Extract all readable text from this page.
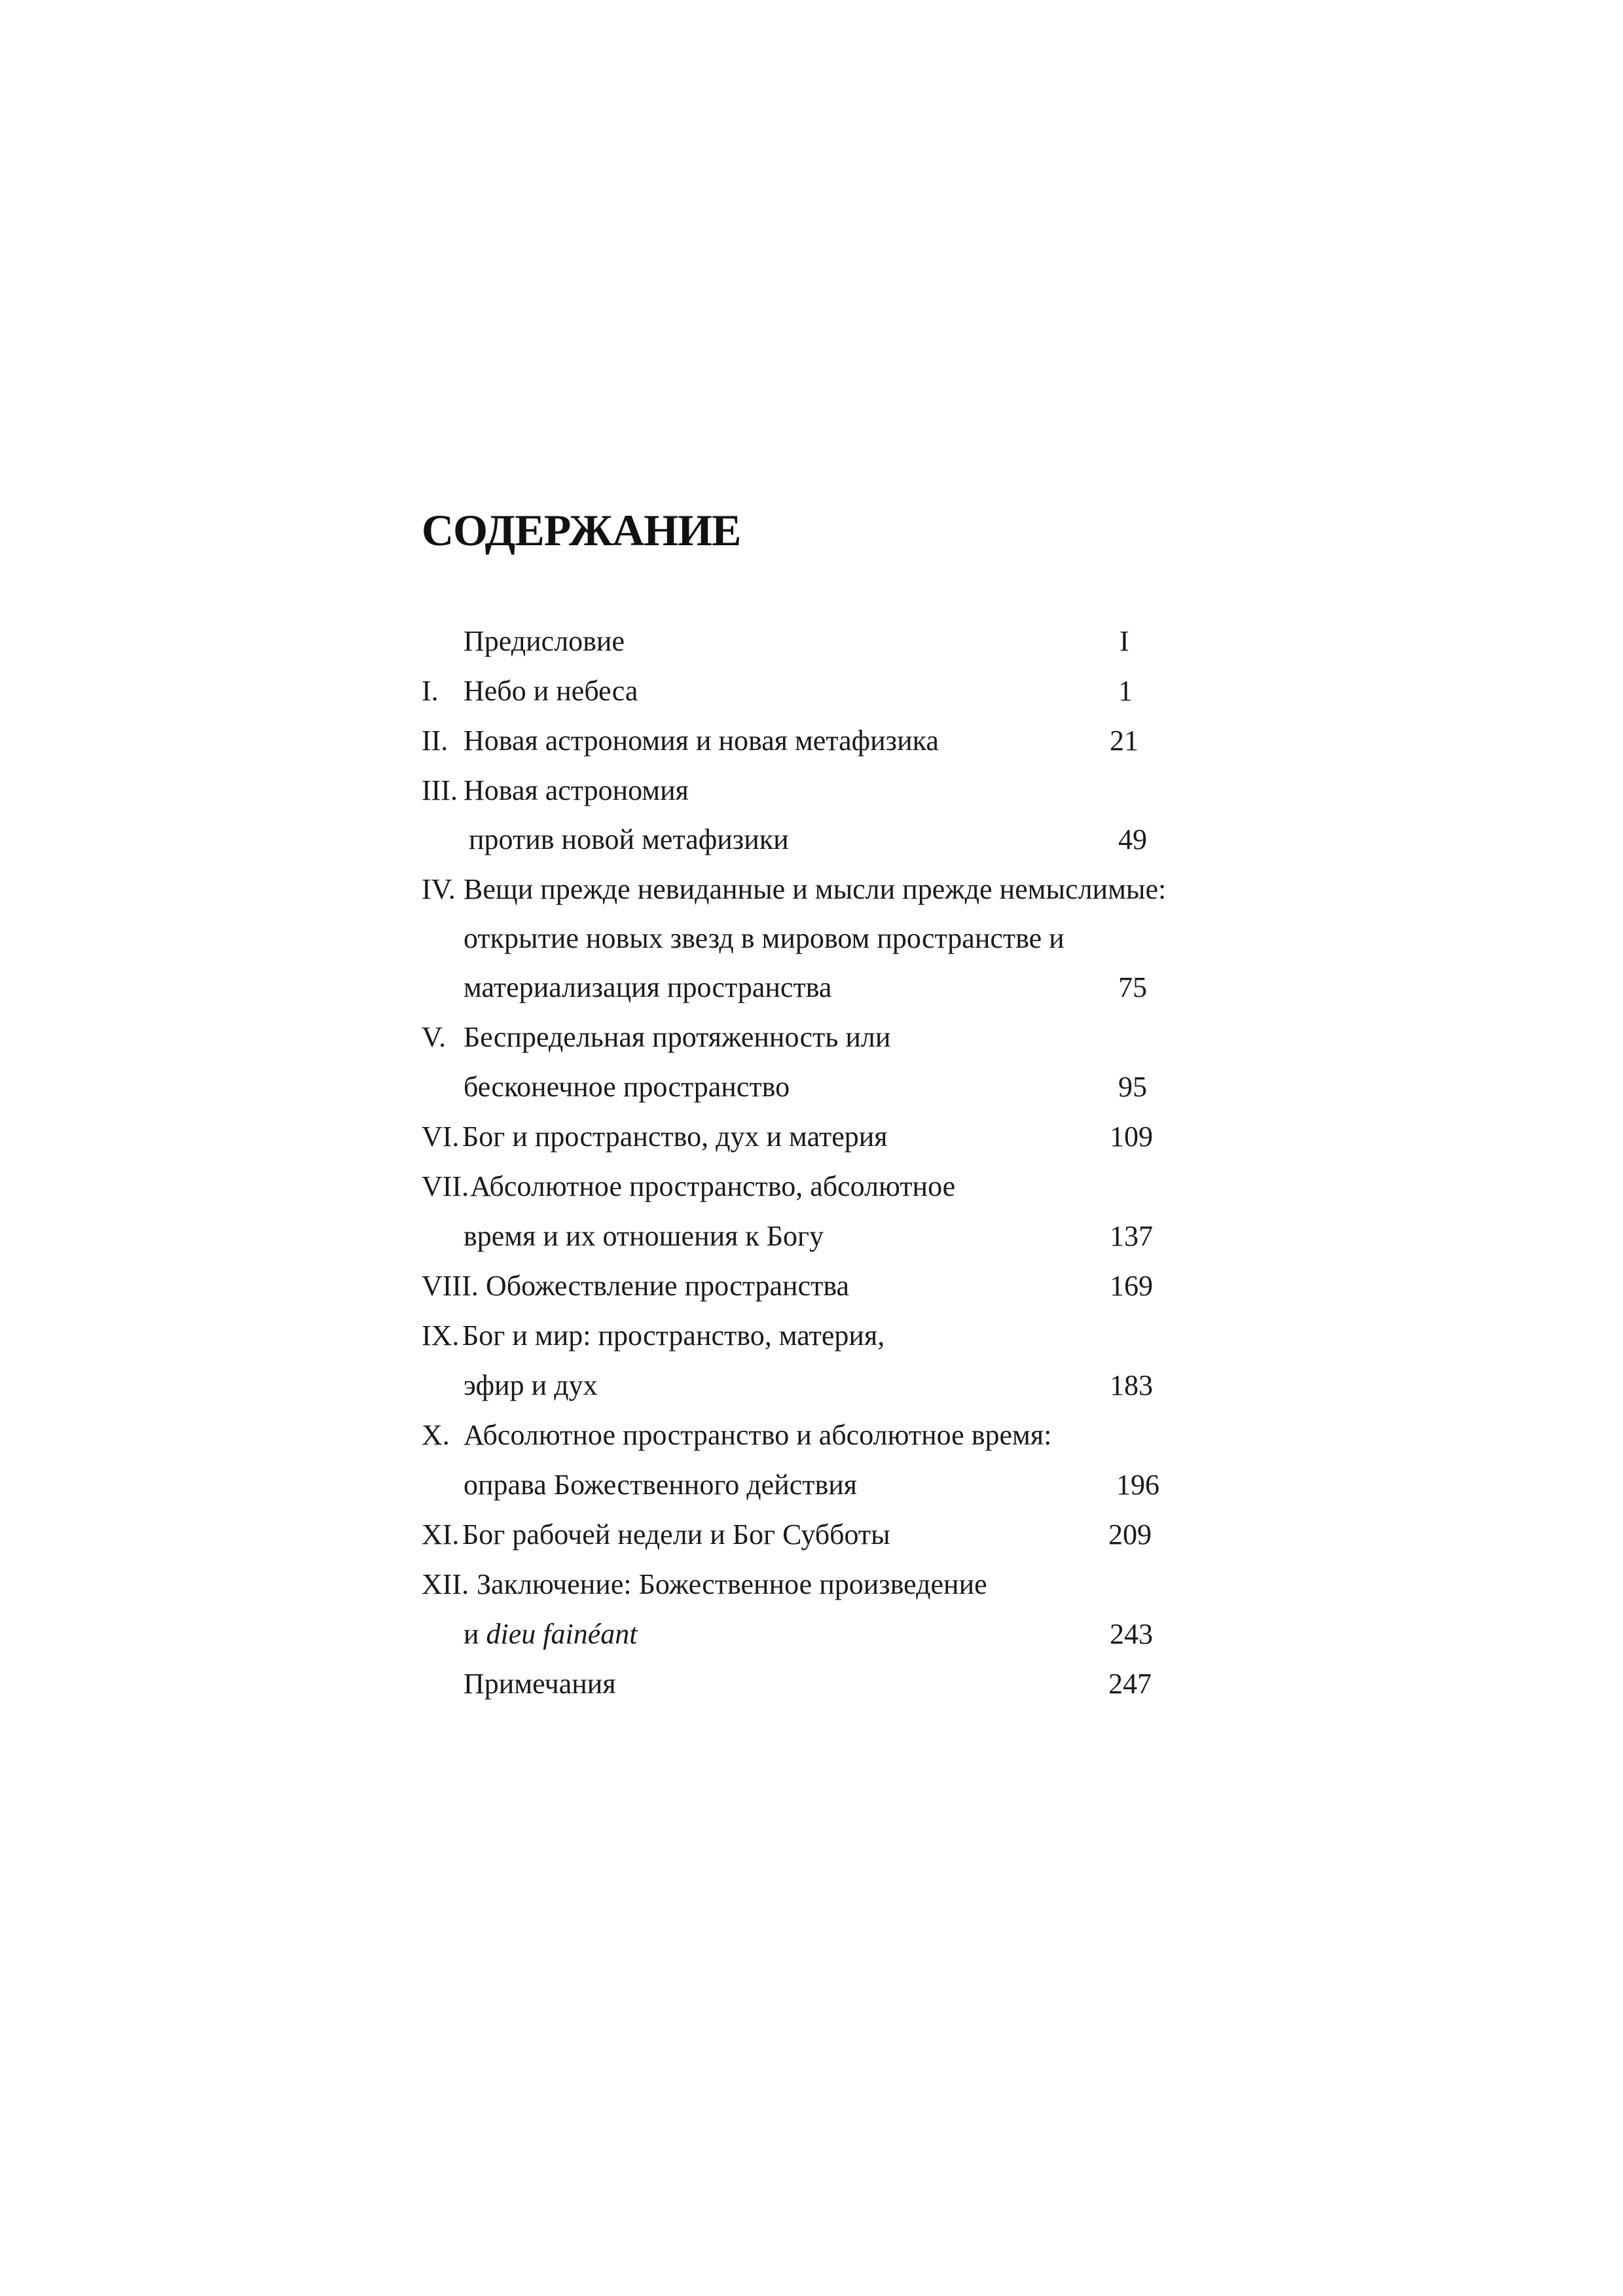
СОДЕРЖАНИЕ
Предисловие	I
I. Небо и небеса	1
II. Новая астрономия и новая метафизика	21
III. Новая астрономия
против новой метафизики	49
IV. Вещи прежде невиданные и мысли прежде немыслимые:
открытие новых звезд в мировом пространстве и
материализация пространства	75
V. Беспредельная протяженность или
бесконечное пространство	95
VI. Бог и пространство, дух и материя	109
VII. Абсолютное пространство, абсолютное
время и их отношения к Богу	137
VIII. Обожествление пространства	169
IX. Бог и мир: пространство, материя,
эфир и дух	183
X. Абсолютное пространство и абсолютное время:
оправа Божественного действия	196
XI. Бог рабочей недели и Бог Субботы	209
XII. Заключение: Божественное произведение
и dieu fainéant	243
Примечания	247
